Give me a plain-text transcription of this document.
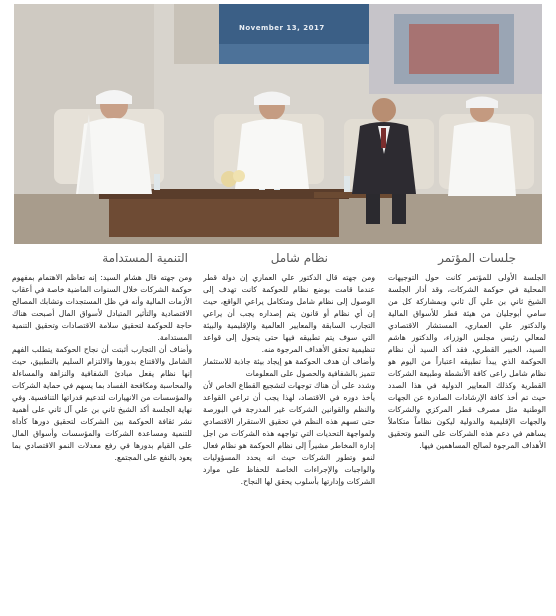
November 13, 2017
جلسات المؤتمر
نظام شامل
التنمية المستدامة

الجلسة الأولى للمؤتمر كانت حول التوجيهات المحلية في حوكمة الشركات، وقد أدار الجلسة الشيخ ثاني بن علي آل ثاني وبمشاركة كل من سامي أبوجليان من هيئة قطر للأسواق المالية والدكتور علي العماري، المستشار الاقتصادي لمعالي رئيس مجلس الوزراء، والدكتور هاشم السيد، الخبير القطري، فقد أكد السيد أن نظام الحوكمة الذي يبدأ تطبيقه اعتباراً من اليوم هو نظام شامل راعى كافة الأنشطة وطبيعة الشركات القطرية وكذلك المعايير الدولية في هذا الصدد حيث تم أخذ كافة الإرشادات الصادرة عن الجهات الوطنية مثل مصرف قطر المركزي والشركات والجهات الإقليمية والدولية ليكون نظاماً متكاملاً يساهم في دعم هذه الشركات على النمو وتحقيق الأهداف المرجوة لصالح المساهمين فيها.

ومن جهته قال الدكتور علي العماري إن دولة قطر عندما قامت بوضع نظام للحوكمة كانت تهدف إلى الوصول إلى نظام شامل ومتكامل يراعي الواقع، حيث إن أي نظام أو قانون يتم إصداره يجب أن يراعي التجارب السابقة والمعايير العالمية والإقليمية والبيئة التي سوف يتم تطبيقه فيها حتى يتحول إلى قواعد تنظيمية تحقق الأهداف المرجوة منه.

وأضاف أن هدف الحوكمة هو إيجاد بيئة جاذبة للاستثمار تتميز بالشفافية والحصول على المعلومات

وشدد على أن هناك توجهات لتشجيع القطاع الخاص لأن يأخذ دوره في الاقتصاد، لهذا يجب أن تراعي القواعد والنظم والقوانين الشركات غير المدرجة في البورصة حتى تسهم هذه النظم في تحقيق الاستقرار الاقتصادي ولمواجهة التحديات التي تواجهه هذه الشركات من اجل إدارة المخاطر مشيراً إلى نظام الحوكمة هو نظام فعال لنمو وتطور الشركات حيث انه يحدد المسؤوليات والواجبات والإجراءات الخاصة للحفاظ على موارد الشركات وإدارتها بأسلوب يحقق لها النجاح.

ومن جهته قال هشام السيد: إنه تعاظم الاهتمام بمفهوم حوكمة الشركات خلال السنوات الماضية خاصة في أعقاب الأزمات المالية وأنه في ظل المستجدات وتشابك المصالح الاقتصادية والتأثير المتبادل لأسواق المال أصبحت هناك حاجة للحوكمة لتحقيق سلامة الاقتصادات وتحقيق التنمية المستدامة.

وأضاف أن التجارب أثبتت أن نجاح الحوكمة يتطلب الفهم الشامل والاقتناع بدورها والالتزام السليم بالتطبيق، حيث إنها نظام يفعل مبادئ الشفافية والنزاهة والمساءلة والمحاسبة ومكافحة الفساد بما يسهم في حماية الشركات والمؤسسات من الانهيارات لتدعيم قدراتها التنافسية. وفي نهاية الجلسة أكد الشيخ ثاني بن علي آل ثاني على أهمية نشر ثقافة الحوكمة بين الشركات لتحقيق دورها كأداة للتنمية ومساعدة الشركات والمؤسسات وأسواق المال على القيام بدورها في رفع معدلات النمو الاقتصادي بما يعود بالنفع على المجتمع.
